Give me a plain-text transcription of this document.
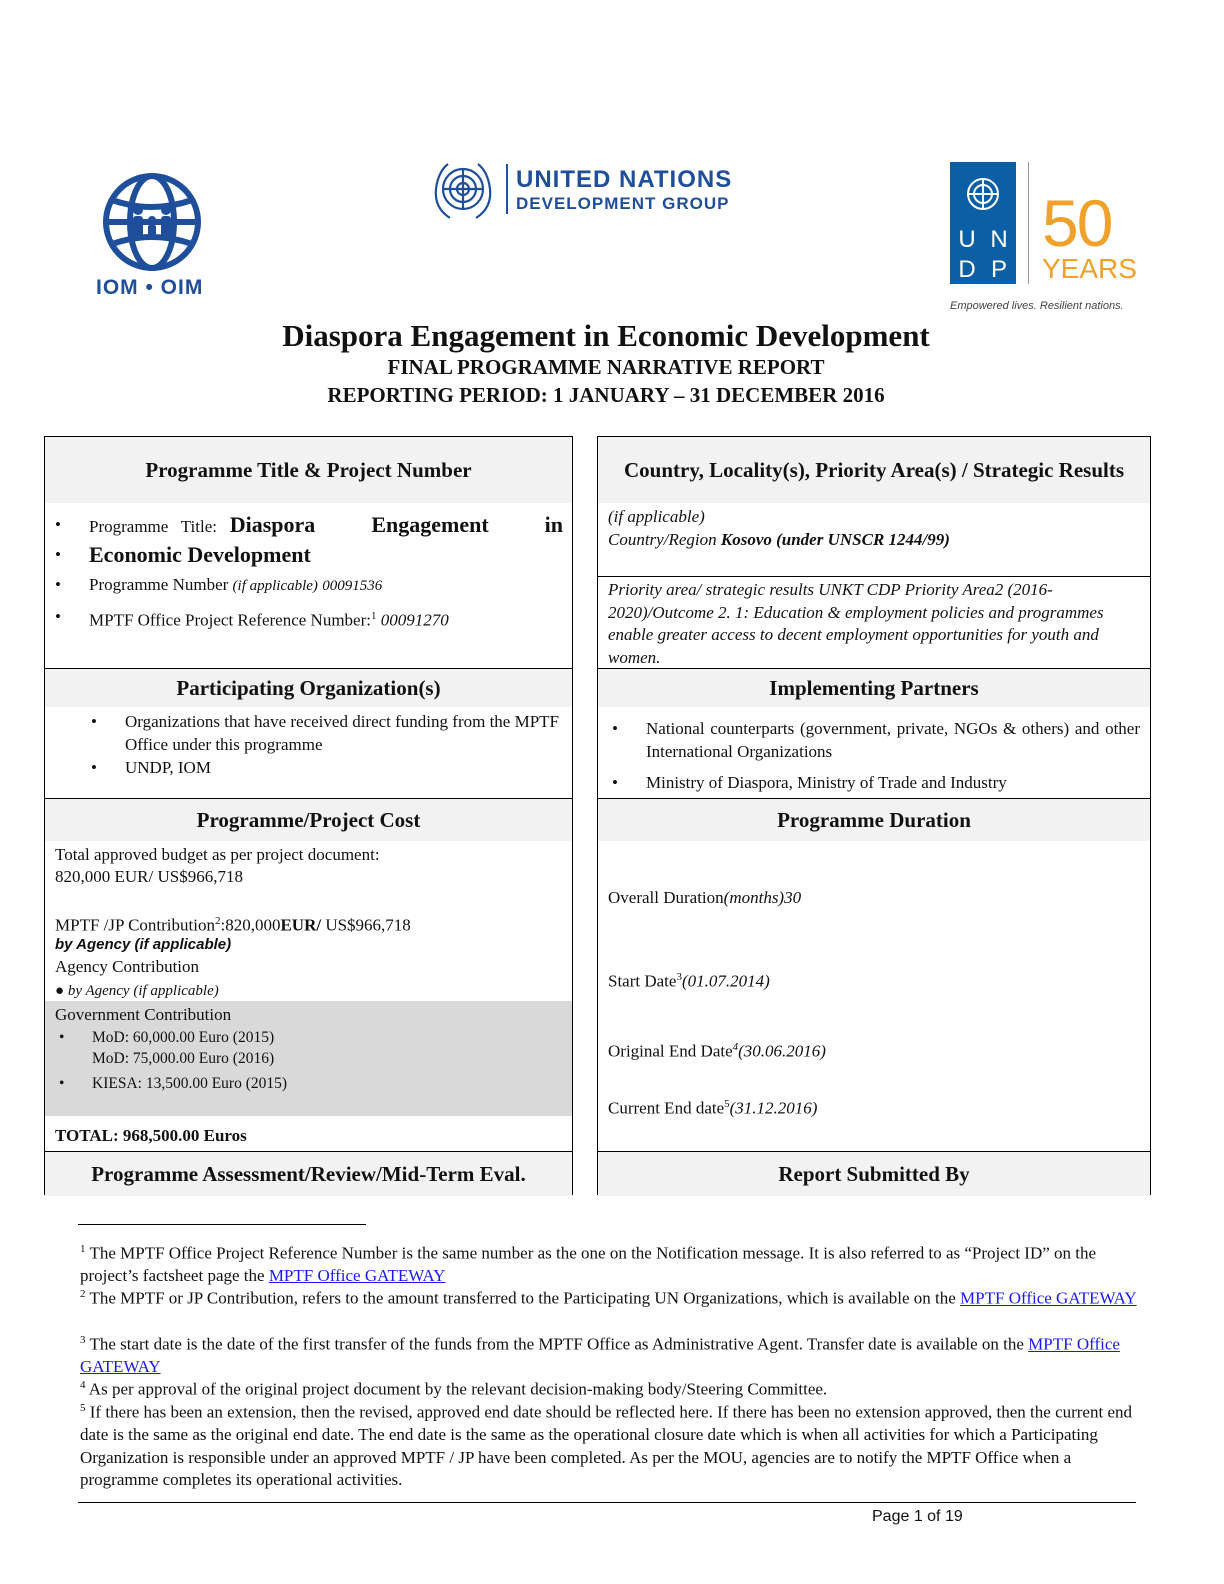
IOM • OIM
UNITED NATIONS
DEVELOPMENT GROUP
U N
D P
50
YEARS
Empowered lives. Resilient nations.
Diaspora Engagement in Economic Development
FINAL PROGRAMME NARRATIVE REPORT
REPORTING PERIOD: 1 JANUARY – 31 DECEMBER 2016
Programme Title & Project Number
• Programme Title: Diaspora    Engagement    in
• Economic Development
• Programme Number (if applicable) 00091536
• MPTF Office Project Reference Number:$^1$ 00091270
Country, Locality(s), Priority Area(s) / Strategic Results
(if applicable)
Country/Region Kosovo (under UNSCR 1244/99)
Priority area/ strategic results UNKT CDP Priority Area2 (2016-2020)/Outcome 2. 1: Education & employment policies and programmes enable greater access to decent employment opportunities for youth and women.
Participating Organization(s)
• Organizations that have received direct funding from the MPTF Office under this programme
• UNDP, IOM
Implementing Partners
• National counterparts (government, private, NGOs & others) and other International Organizations
• Ministry of Diaspora, Ministry of Trade and Industry
Programme/Project Cost
Total approved budget as per project document:
820,000 EUR/ US$966,718
MPTF /JP Contribution$^2$:820,000EUR/ US$966,718
by Agency (if applicable)
Agency Contribution
● by Agency (if applicable)
Government Contribution
•	MoD: 60,000.00 Euro (2015)
MoD: 75,000.00 Euro (2016)
•	KIESA: 13,500.00 Euro (2015)
TOTAL: 968,500.00 Euros
Programme Duration
Overall Duration(months)30
Start Date$^3$(01.07.2014)
Original End Date$^4$(30.06.2016)
Current End date$^5$(31.12.2016)
Programme Assessment/Review/Mid-Term Eval.	Report Submitted By
$^1$ The MPTF Office Project Reference Number is the same number as the one on the Notification message. It is also referred to as “Project ID” on the project’s factsheet page the MPTF Office GATEWAY
$^2$ The MPTF or JP Contribution, refers to the amount transferred to the Participating UN Organizations, which is available on the MPTF Office GATEWAY
$^3$ The start date is the date of the first transfer of the funds from the MPTF Office as Administrative Agent. Transfer date is available on the MPTF Office GATEWAY
$^4$ As per approval of the original project document by the relevant decision-making body/Steering Committee.
$^5$ If there has been an extension, then the revised, approved end date should be reflected here. If there has been no extension approved, then the current end date is the same as the original end date. The end date is the same as the operational closure date which is when all activities for which a Participating Organization is responsible under an approved MPTF / JP have been completed. As per the MOU, agencies are to notify the MPTF Office when a programme completes its operational activities.
Page 1 of 19
